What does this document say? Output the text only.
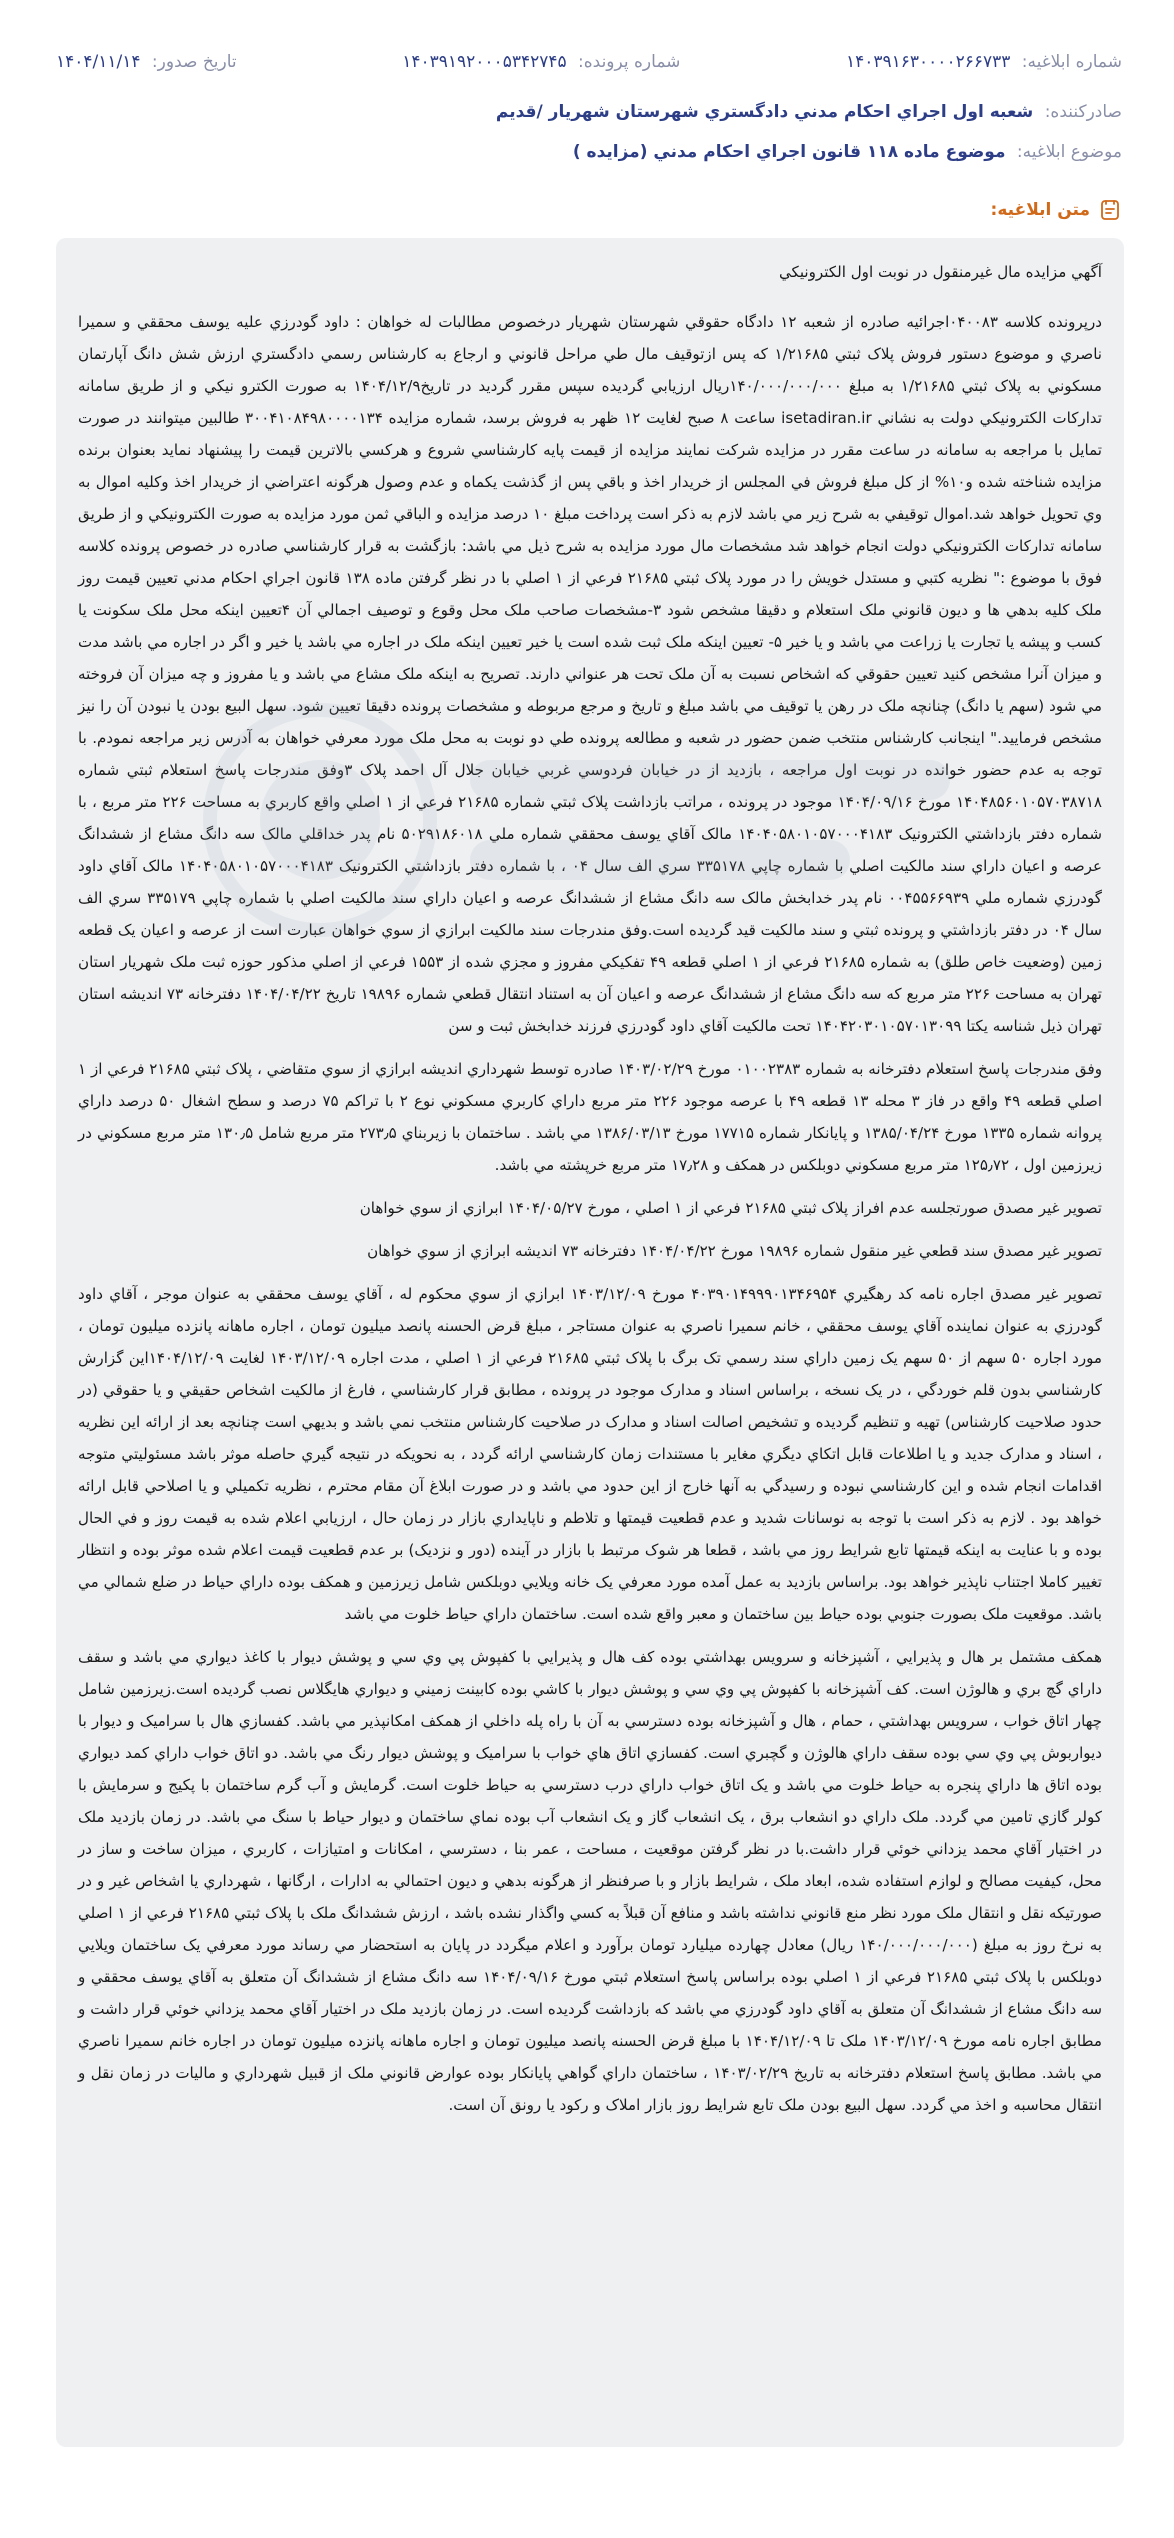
شماره ابلاغيه: ۱۴۰۳۹۱۶۳۰۰۰۰۲۶۶۷۳۳
شماره پرونده: ۱۴۰۳۹۱۹۲۰۰۰۵۳۴۲۷۴۵
تاريخ صدور: ۱۴۰۴/۱۱/۱۴
صادرکننده: شعبه اول اجراي احکام مدني دادگستري شهرستان شهريار /قديم
موضوع ابلاغيه: موضوع ماده ۱۱۸ قانون اجراي احکام مدني (مزايده )
متن ابلاغيه:

آگهي مزايده مال غيرمنقول در نوبت اول الکترونيکي

درپرونده کلاسه ۰۴۰۰۸۳اجرائيه صادره از شعبه ۱۲ دادگاه حقوقي شهرستان شهريار درخصوص مطالبات له خواهان : داود گودرزي عليه يوسف محققي و سميرا ناصري و موضوع دستور فروش پلاک ثبتي ۱/۲۱۶۸۵ که پس ازتوقيف مال طي مراحل قانوني و ارجاع به کارشناس رسمي دادگستري ارزش شش دانگ آپارتمان مسکوني به پلاک ثبتي ۱/۲۱۶۸۵ به مبلغ ۱۴۰/۰۰۰/۰۰۰/۰۰۰ريال ارزيابي گرديده سپس مقرر گرديد در تاريخ۱۴۰۴/۱۲/۹ به صورت الکترو نيکي و از طريق سامانه تدارکات الکترونيکي دولت به نشاني isetadiran.ir ساعت ۸ صبح لغايت ۱۲ ظهر به فروش برسد، شماره مزايده ۳۰۰۴۱۰۸۴۹۸۰۰۰۰۱۳۴ طالبين ميتوانند در صورت تمايل با مراجعه به سامانه در ساعت مقرر در مزايده شرکت نمايند مزايده از قيمت پايه کارشناسي شروع و هرکسي بالاترين قيمت را پيشنهاد نمايد بعنوان برنده مزايده شناخته شده و۱۰% از کل مبلغ فروش في المجلس از خريدار اخذ و باقي پس از گذشت يکماه و عدم وصول هرگونه اعتراضي از خريدار اخذ وکليه اموال به وي تحويل خواهد شد.اموال توقيفي به شرح زير مي باشد لازم به ذکر است پرداخت مبلغ ۱۰ درصد مزايده و الباقي ثمن مورد مزايده به صورت الکترونيکي و از طريق سامانه تدارکات الکترونيکي دولت انجام خواهد شد مشخصات مال مورد مزايده به شرح ذيل مي باشد: بازگشت به قرار کارشناسي صادره در خصوص پرونده کلاسه فوق با موضوع :" نظريه کتبي و مستدل خويش را در مورد پلاک ثبتي ۲۱۶۸۵ فرعي از ۱ اصلي با در نظر گرفتن ماده ۱۳۸ قانون اجراي احکام مدني تعيين قيمت روز ملک کليه بدهي ها و ديون قانوني ملک استعلام و دقيقا مشخص شود ۳-مشخصات صاحب ملک محل وقوع و توصيف اجمالي آن ۴تعيين اينکه محل ملک سکونت يا کسب و پيشه يا تجارت يا زراعت مي باشد و يا خير ۵- تعيين اينکه ملک ثبت شده است يا خير تعيين اينکه ملک در اجاره مي باشد يا خير و اگر در اجاره مي باشد مدت و ميزان آنرا مشخص کنيد تعيين حقوقي که اشخاص نسبت به آن ملک تحت هر عنواني دارند. تصريح به اينکه ملک مشاع مي باشد و يا مفروز و چه ميزان آن فروخته مي شود (سهم يا دانگ) چنانچه ملک در رهن يا توقيف مي باشد مبلغ و تاريخ و مرجع مربوطه و مشخصات پرونده دقيقا تعيين شود. سهل البيع بودن يا نبودن آن را نيز مشخص فرماييد." اينجانب کارشناس منتخب ضمن حضور در شعبه و مطالعه پرونده طي دو نوبت به محل ملک مورد معرفي خواهان به آدرس زير مراجعه نمودم. با توجه به عدم حضور خوانده در نوبت اول مراجعه ، بازديد از در خيابان فردوسي غربي خيابان جلال آل احمد پلاک ۳وفق مندرجات پاسخ استعلام ثبتي شماره ۱۴۰۴۸۵۶۰۱۰۵۷۰۳۸۷۱۸ مورخ ۱۴۰۴/۰۹/۱۶ موجود در پرونده ، مراتب بازداشت پلاک ثبتي شماره ۲۱۶۸۵ فرعي از ۱ اصلي واقع کاربري به مساحت ۲۲۶ متر مربع ، با شماره دفتر بازداشتي الکترونيک ۱۴۰۴۰۵۸۰۱۰۵۷۰۰۰۴۱۸۳ مالک آقاي يوسف محققي شماره ملي ۵۰۲۹۱۸۶۰۱۸ نام پدر خداقلي مالک سه دانگ مشاع از ششدانگ عرصه و اعيان داراي سند مالکيت اصلي با شماره چاپي ۳۳۵۱۷۸ سري الف سال ۰۴ ، با شماره دفتر بازداشتي الکترونيک ۱۴۰۴۰۵۸۰۱۰۵۷۰۰۰۴۱۸۳ مالک آقاي داود گودرزي شماره ملي ۰۰۴۵۵۶۶۹۳۹ نام پدر خدابخش مالک سه دانگ مشاع از ششدانگ عرصه و اعيان داراي سند مالکيت اصلي با شماره چاپي ۳۳۵۱۷۹ سري الف سال ۰۴ در دفتر بازداشتي و پرونده ثبتي و سند مالکيت قيد گرديده است.وفق مندرجات سند مالکيت ابرازي از سوي خواهان عبارت است از عرصه و اعيان يک قطعه زمين (وضعيت خاص طلق) به شماره ۲۱۶۸۵ فرعي از ۱ اصلي قطعه ۴۹ تفکيکي مفروز و مجزي شده از ۱۵۵۳ فرعي از اصلي مذکور حوزه ثبت ملک شهريار استان تهران به مساحت ۲۲۶ متر مربع که سه دانگ مشاع از ششدانگ عرصه و اعيان آن به استناد انتقال قطعي شماره ۱۹۸۹۶ تاريخ ۱۴۰۴/۰۴/۲۲ دفترخانه ۷۳ انديشه استان تهران ذيل شناسه يکتا ۱۴۰۴۲۰۳۰۱۰۵۷۰۱۳۰۹۹ تحت مالکيت آقاي داود گودرزي فرزند خدابخش ثبت و سن

وفق مندرجات پاسخ استعلام دفترخانه به شماره ۰۱۰۰۲۳۸۳ مورخ ۱۴۰۳/۰۲/۲۹ صادره توسط شهرداري انديشه ابرازي از سوي متقاضي ، پلاک ثبتي ۲۱۶۸۵ فرعي از ۱ اصلي قطعه ۴۹ واقع در فاز ۳ محله ۱۳ قطعه ۴۹ با عرصه موجود ۲۲۶ متر مربع داراي کاربري مسکوني نوع ۲ با تراکم ۷۵ درصد و سطح اشغال ۵۰ درصد داراي پروانه شماره ۱۳۳۵ مورخ ۱۳۸۵/۰۴/۲۴ و پايانکار شماره ۱۷۷۱۵ مورخ ۱۳۸۶/۰۳/۱۳ مي باشد . ساختمان با زيربناي ۲۷۳٫۵ متر مربع شامل ۱۳۰٫۵ متر مربع مسکوني در زيرزمين اول ، ۱۲۵٫۷۲ متر مربع مسکوني دوبلکس در همکف و ۱۷٫۲۸ متر مربع خرپشته مي باشد.

تصوير غير مصدق صورتجلسه عدم افراز پلاک ثبتي ۲۱۶۸۵ فرعي از ۱ اصلي ، مورخ ۱۴۰۴/۰۵/۲۷ ابرازي از سوي خواهان

تصوير غير مصدق سند قطعي غير منقول شماره ۱۹۸۹۶ مورخ ۱۴۰۴/۰۴/۲۲ دفترخانه ۷۳ انديشه ابرازي از سوي خواهان

تصوير غير مصدق اجاره نامه کد رهگيري ۴۰۳۹۰۱۴۹۹۹۰۱۳۴۶۹۵۴ مورخ ۱۴۰۳/۱۲/۰۹ ابرازي از سوي محکوم له ، آقاي يوسف محققي به عنوان موجر ، آقاي داود گودرزي به عنوان نماينده آقاي يوسف محققي ، خانم سميرا ناصري به عنوان مستاجر ، مبلغ قرض الحسنه پانصد ميليون تومان ، اجاره ماهانه پانزده ميليون تومان ، مورد اجاره ۵۰ سهم از ۵۰ سهم يک زمين داراي سند رسمي تک برگ با پلاک ثبتي ۲۱۶۸۵ فرعي از ۱ اصلي ، مدت اجاره ۱۴۰۳/۱۲/۰۹ لغايت ۱۴۰۴/۱۲/۰۹اين گزارش کارشناسي بدون قلم خوردگي ، در يک نسخه ، براساس اسناد و مدارک موجود در پرونده ، مطابق قرار کارشناسي ، فارغ از مالکيت اشخاص حقيقي و يا حقوقي (در حدود صلاحيت کارشناس) تهيه و تنظيم گرديده و تشخيص اصالت اسناد و مدارک در صلاحيت کارشناس منتخب نمي باشد و بديهي است چنانچه بعد از ارائه اين نظريه ، اسناد و مدارک جديد و يا اطلاعات قابل اتکاي ديگري مغاير با مستندات زمان کارشناسي ارائه گردد ، به نحويکه در نتيجه گيري حاصله موثر باشد مسئوليتي متوجه اقدامات انجام شده و اين کارشناسي نبوده و رسيدگي به آنها خارج از اين حدود مي باشد و در صورت ابلاغ آن مقام محترم ، نظريه تکميلي و يا اصلاحي قابل ارائه خواهد بود . لازم به ذکر است با توجه به نوسانات شديد و عدم قطعيت قيمتها و تلاطم و ناپايداري بازار در زمان حال ، ارزيابي اعلام شده به قيمت روز و في الحال بوده و با عنايت به اينکه قيمتها تابع شرايط روز مي باشد ، قطعا هر شوک مرتبط با بازار در آينده (دور و نزديک) بر عدم قطعيت قيمت اعلام شده موثر بوده و انتظار تغيير کاملا اجتناب ناپذير خواهد بود. براساس بازديد به عمل آمده مورد معرفي يک خانه ويلايي دوبلکس شامل زيرزمين و همکف بوده داراي حياط در ضلع شمالي مي باشد. موقعيت ملک بصورت جنوبي بوده حياط بين ساختمان و معبر واقع شده است. ساختمان داراي حياط خلوت مي باشد

همکف مشتمل بر هال و پذيرايي ، آشپزخانه و سرويس بهداشتي بوده کف هال و پذيرايي با کفپوش پي وي سي و پوشش ديوار با کاغذ ديواري مي باشد و سقف داراي گچ بري و هالوژن است. کف آشپزخانه با کفپوش پي وي سي و پوشش ديوار با کاشي بوده کابينت زميني و ديواري هايگلاس نصب گرديده است.زيرزمين شامل چهار اتاق خواب ، سرويس بهداشتي ، حمام ، هال و آشپزخانه بوده دسترسي به آن با راه پله داخلي از همکف امکانپذير مي باشد. کفسازي هال با سراميک و ديوار با ديواربوش پي وي سي بوده سقف داراي هالوژن و گچبري است. کفسازي اتاق هاي خواب با سراميک و پوشش ديوار رنگ مي باشد. دو اتاق خواب داراي کمد ديواري بوده اتاق ها داراي پنجره به حياط خلوت مي باشد و يک اتاق خواب داراي درب دسترسي به حياط خلوت است. گرمايش و آب گرم ساختمان با پکيج و سرمايش با کولر گازي تامين مي گردد. ملک داراي دو انشعاب برق ، يک انشعاب گاز و يک انشعاب آب بوده نماي ساختمان و ديوار حياط با سنگ مي باشد. در زمان بازديد ملک در اختيار آقاي محمد يزداني خوئي قرار داشت.با در نظر گرفتن موقعيت ، مساحت ، عمر بنا ، دسترسي ، امکانات و امتيازات ، کاربري ، ميزان ساخت و ساز در محل، کيفيت مصالح و لوازم استفاده شده، ابعاد ملک ، شرايط بازار و با صرفنظر از هرگونه بدهي و ديون احتمالي به ادارات ، ارگانها ، شهرداري يا اشخاص غير و در صورتيکه نقل و انتقال ملک مورد نظر منع قانوني نداشته باشد و منافع آن قبلاً به کسي واگذار نشده باشد ، ارزش ششدانگ ملک با پلاک ثبتي ۲۱۶۸۵ فرعي از ۱ اصلي به نرخ روز به مبلغ (۱۴۰/۰۰۰/۰۰۰/۰۰۰ ريال) معادل چهارده ميليارد تومان برآورد و اعلام ميگردد در پايان به استحضار مي رساند مورد معرفي يک ساختمان ويلايي دوبلکس با پلاک ثبتي ۲۱۶۸۵ فرعي از ۱ اصلي بوده براساس پاسخ استعلام ثبتي مورخ ۱۴۰۴/۰۹/۱۶ سه دانگ مشاع از ششدانگ آن متعلق به آقاي يوسف محققي و سه دانگ مشاع از ششدانگ آن متعلق به آقاي داود گودرزي مي باشد که بازداشت گرديده است. در زمان بازديد ملک در اختيار آقاي محمد يزداني خوئي قرار داشت و مطابق اجاره نامه مورخ ۱۴۰۳/۱۲/۰۹ ملک تا ۱۴۰۴/۱۲/۰۹ با مبلغ قرض الحسنه پانصد ميليون تومان و اجاره ماهانه پانزده ميليون تومان در اجاره خانم سميرا ناصري مي باشد. مطابق پاسخ استعلام دفترخانه به تاريخ ۱۴۰۳/۰۲/۲۹ ، ساختمان داراي گواهي پايانکار بوده عوارض قانوني ملک از قبيل شهرداري و ماليات در زمان نقل و انتقال محاسبه و اخذ مي گردد. سهل البيع بودن ملک تابع شرايط روز بازار املاک و رکود يا رونق آن است.
